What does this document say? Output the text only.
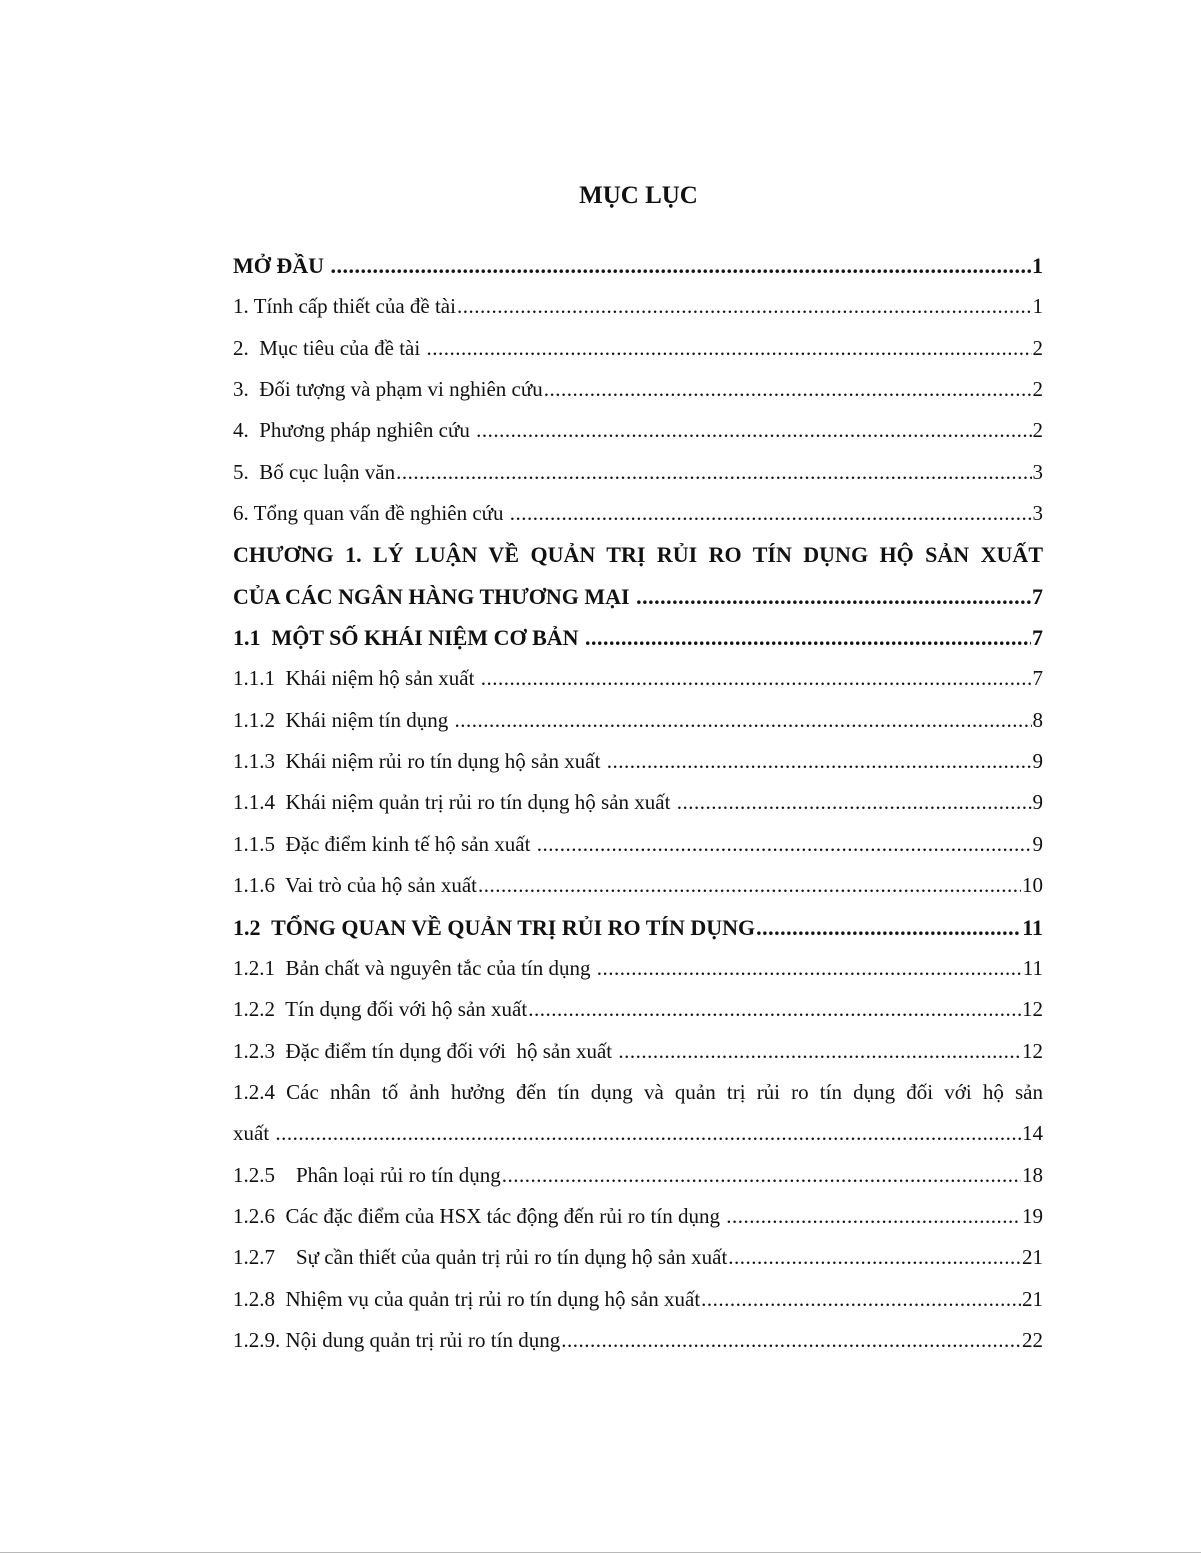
MỤC LỤC
MỞ ĐẦU .....	1
1. Tính cấp thiết của đề tài .....	1
2.  Mục tiêu của đề tài .....	2
3.  Đối tượng và phạm vi nghiên cứu .....	2
4.  Phương pháp nghiên cứu .....	2
5.  Bố cục luận văn .....	3
6. Tổng quan vấn đề nghiên cứu .....	3
CHƯƠNG 1. LÝ LUẬN VỀ QUẢN TRỊ RỦI RO TÍN DỤNG HỘ SẢN XUẤT
CỦA CÁC NGÂN HÀNG THƯƠNG MẠI .....	7
1.1  MỘT SỐ KHÁI NIỆM CƠ BẢN .....	7
1.1.1  Khái niệm hộ sản xuất .....	7
1.1.2  Khái niệm tín dụng .....	8
1.1.3  Khái niệm rủi ro tín dụng hộ sản xuất .....	9
1.1.4  Khái niệm quản trị rủi ro tín dụng hộ sản xuất .....	9
1.1.5  Đặc điểm kinh tế hộ sản xuất .....	9
1.1.6  Vai trò của hộ sản xuất .....	10
1.2  TỔNG QUAN VỀ QUẢN TRỊ RỦI RO TÍN DỤNG .....	11
1.2.1  Bản chất và nguyên tắc của tín dụng .....	11
1.2.2  Tín dụng đối với hộ sản xuất .....	12
1.2.3  Đặc điểm tín dụng đối với  hộ sản xuất .....	12
1.2.4 Các nhân tố ảnh hưởng đến tín dụng và quản trị rủi ro tín dụng đối với hộ sản
xuất .....	14
1.2.5    Phân loại rủi ro tín dụng .....	18
1.2.6  Các đặc điểm của HSX tác động đến rủi ro tín dụng .....	19
1.2.7    Sự cần thiết của quản trị rủi ro tín dụng hộ sản xuất .....	21
1.2.8  Nhiệm vụ của quản trị rủi ro tín dụng hộ sản xuất .....	21
1.2.9. Nội dung quản trị rủi ro tín dụng .....	22
